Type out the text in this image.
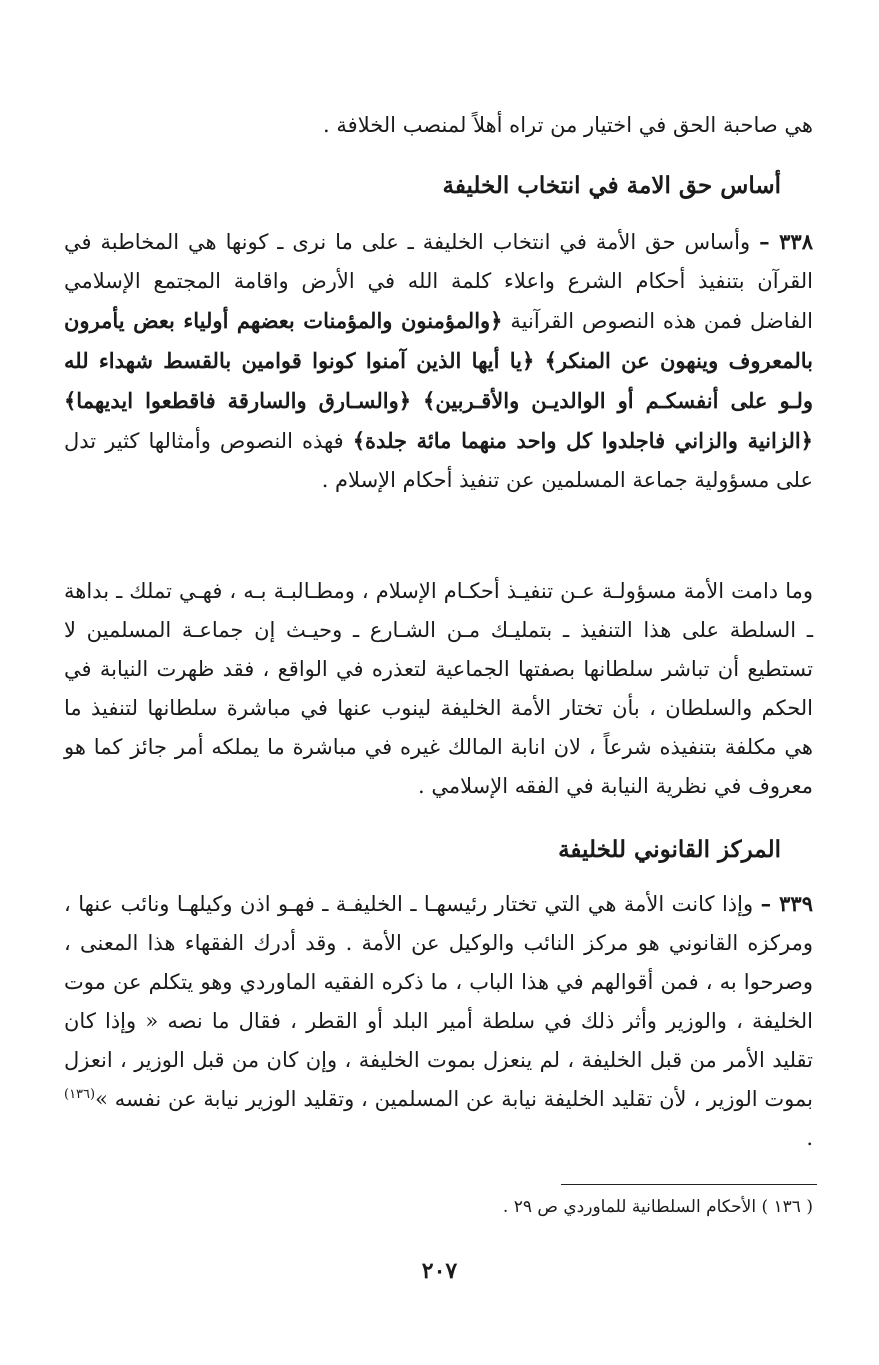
هي صاحبة الحق في اختيار من تراه أهلاً لمنصب الخلافة .

أساس حق الامة في انتخاب الخليفة

٣٣٨ – وأساس حق الأمة في انتخاب الخليفة ـ على ما نرى ـ كونها هي المخاطبة في القرآن بتنفيذ أحكام الشرع واعلاء كلمة الله في الأرض واقامة المجتمع الإسلامي الفاضل فمن هذه النصوص القرآنية ﴿والمؤمنون والمؤمنات بعضهم أولياء بعض يأمرون بالمعروف وينهون عن المنكر﴾ ﴿يا أيها الذين آمنوا كونوا قوامين بالقسط شهداء لله ولـو على أنفسكـم أو الوالديـن والأقـربين﴾ ﴿والسـارق والسارقة فاقطعوا ايديهما﴾ ﴿الزانية والزاني فاجلدوا كل واحد منهما مائة جلدة﴾ فهذه النصوص وأمثالها كثير تدل على مسؤولية جماعة المسلمين عن تنفيذ أحكام الإسلام .

وما دامت الأمة مسؤولـة عـن تنفيـذ أحكـام الإسلام ، ومطـالبـة بـه ، فهـي تملك ـ بداهة ـ السلطة على هذا التنفيذ ـ بتمليـك مـن الشـارع ـ وحيـث إن جماعـة المسلمين لا تستطيع أن تباشر سلطانها بصفتها الجماعية لتعذره في الواقع ، فقد ظهرت النيابة في الحكم والسلطان ، بأن تختار الأمة الخليفة لينوب عنها في مباشرة سلطانها لتنفيذ ما هي مكلفة بتنفيذه شرعاً ، لان انابة المالك غيره في مباشرة ما يملكه أمر جائز كما هو معروف في نظرية النيابة في الفقه الإسلامي .

المركز القانوني للخليفة

٣٣٩ – وإذا كانت الأمة هي التي تختار رئيسهـا ـ الخليفـة ـ فهـو اذن وكيلهـا ونائب عنها ، ومركزه القانوني هو مركز النائب والوكيل عن الأمة . وقد أدرك الفقهاء هذا المعنى ، وصرحوا به ، فمن أقوالهم في هذا الباب ، ما ذكره الفقيه الماوردي وهو يتكلم عن موت الخليفة ، والوزير وأثر ذلك في سلطة أمير البلد أو القطر ، فقال ما نصه « وإذا كان تقليد الأمر من قبل الخليفة ، لم ينعزل بموت الخليفة ، وإن كان من قبل الوزير ، انعزل بموت الوزير ، لأن تقليد الخليفة نيابة عن المسلمين ، وتقليد الوزير نيابة عن نفسه »$^{(١٣٦)}$ .

( ١٣٦ ) الأحكام السلطانية للماوردي ص ٢٩ .

٢٠٧
